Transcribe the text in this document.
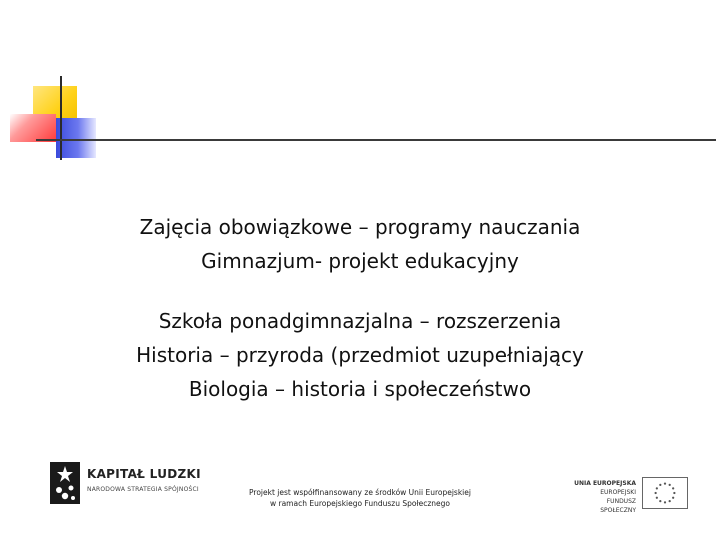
Zajęcia obowiązkowe – programy nauczania
Gimnazjum- projekt edukacyjny
Szkoła ponadgimnazjalna – rozszerzenia
Historia – przyroda (przedmiot uzupełniający
Biologia – historia i społeczeństwo
KAPITAŁ LUDZKI
NARODOWA STRATEGIA SPÓJNOŚCI	Projekt jest współfinansowany ze środków Unii Europejskiej
w ramach Europejskiego Funduszu Społecznego
UNIA EUROPEJSKA
EUROPEJSKI
FUNDUSZ SPOŁECZNY
